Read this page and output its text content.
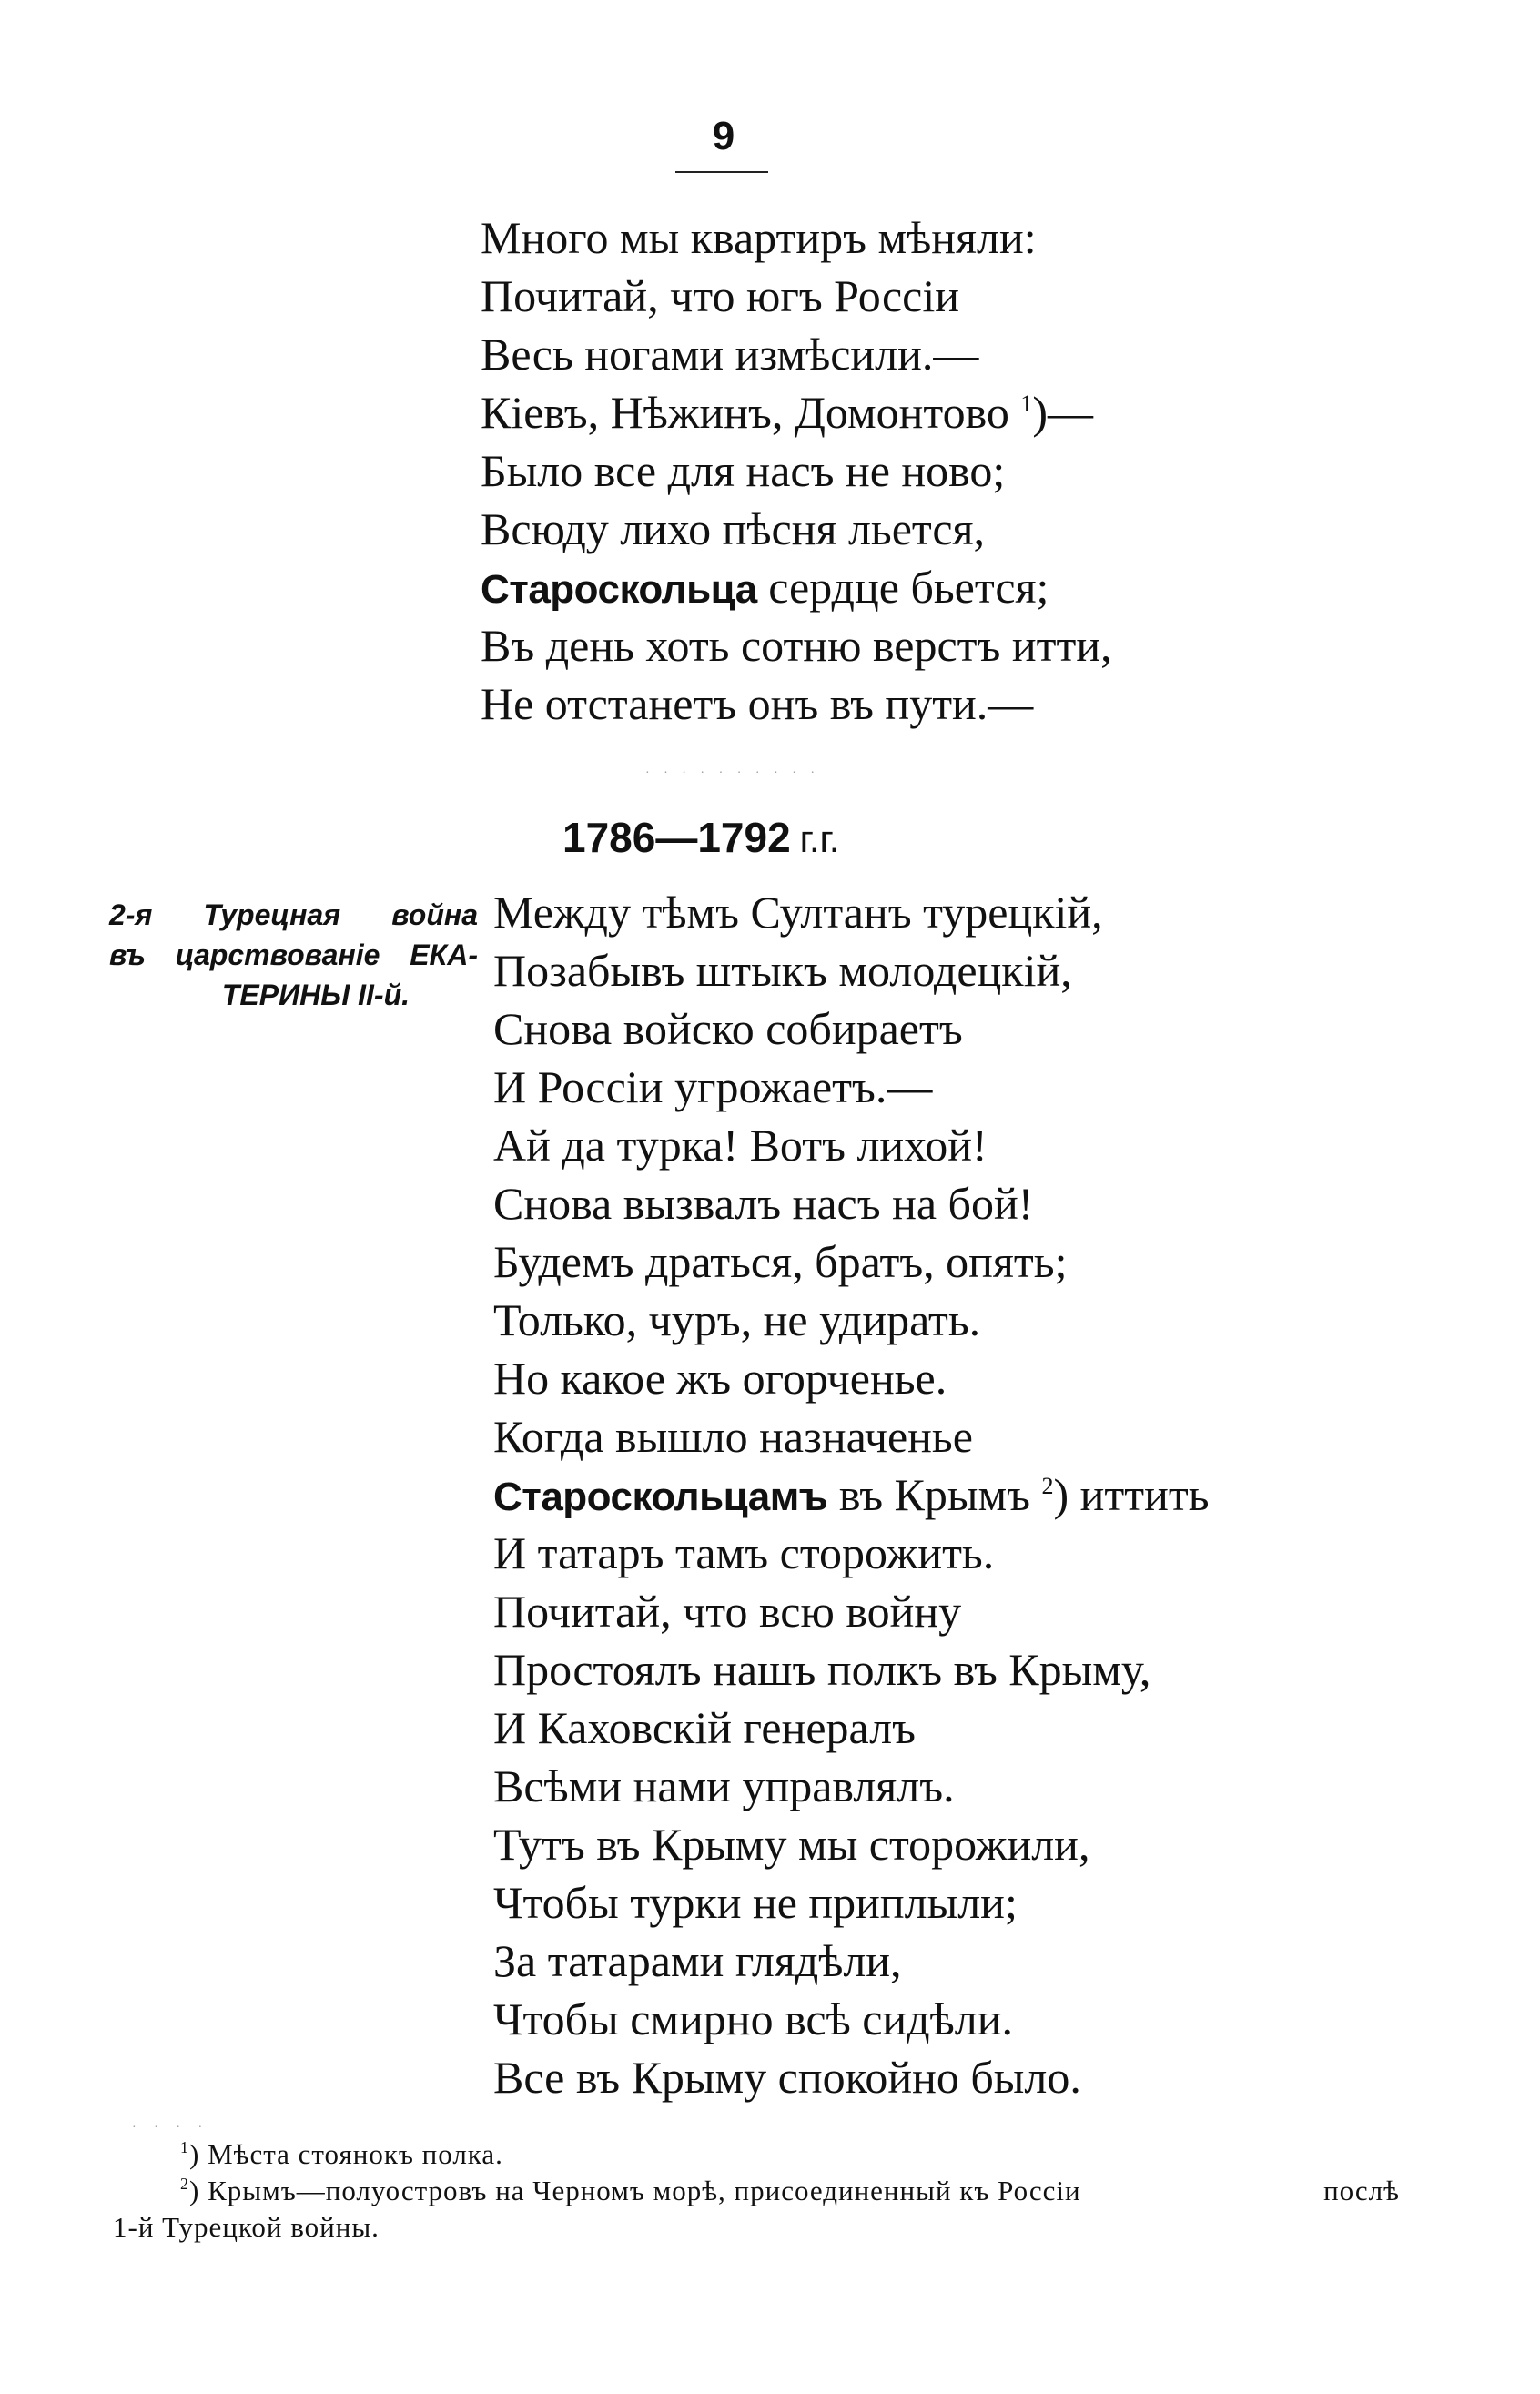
9
Много мы квартиръ мѣняли:
Почитай, что югъ Россіи
Весь ногами измѣсили.—
Кіевъ, Нѣжинъ, Домонтово $^1$)—
Было все для насъ не ново;
Всюду лихо пѣсня льется,
Староскольца сердце бьется;
Въ день хоть сотню верстъ итти,
Не отстанетъ онъ въ пути.—
· · · · · · · · · ·
1786—1792 г.г.
2-я Турецная война
въ царствованіе ЕКА-
ТЕРИНЫ II-й.
Между тѣмъ Султанъ турецкій,
Позабывъ штыкъ молодецкій,
Снова войско собираетъ
И Россіи угрожаетъ.—
Ай да турка! Вотъ лихой!
Снова вызвалъ насъ на бой!
Будемъ драться, братъ, опять;
Только, чуръ, не удирать.
Но какое жъ огорченье.
Когда вышло назначенье
Староскольцамъ въ Крымъ $^2$) иттить
И татаръ тамъ сторожить.
Почитай, что всю войну
Простоялъ нашъ полкъ въ Крыму,
И Каховскій генералъ
Всѣми нами управлялъ.
Тутъ въ Крыму мы сторожили,
Чтобы турки не приплыли;
За татарами глядѣли,
Чтобы смирно всѣ сидѣли.
Все въ Крыму спокойно было.
· · · ·
$^1$) Мѣста стоянокъ полка.
$^2$) Крымъ—полуостровъ на Черномъ морѣ, присоединенный къ Россіи	послѣ
1-й Турецкой войны.
